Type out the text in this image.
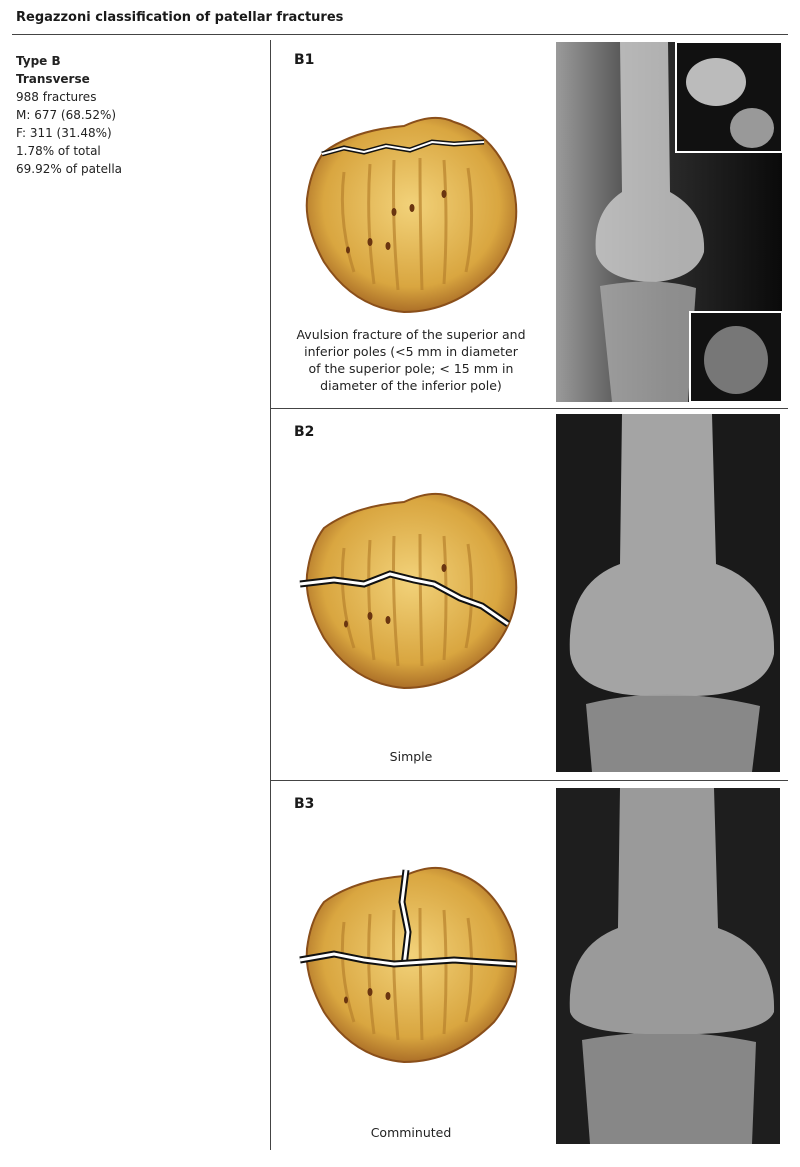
Regazzoni classification of patellar fractures
Type B
Transverse
988 fractures
M: 677 (68.52%)
F: 311 (31.48%)
1.78% of total
69.92% of patella
B1
Avulsion fracture of the superior and
inferior poles (<5 mm in diameter
of the superior pole; < 15 mm in
diameter of the inferior pole)
B2
Simple
B3
Comminuted
